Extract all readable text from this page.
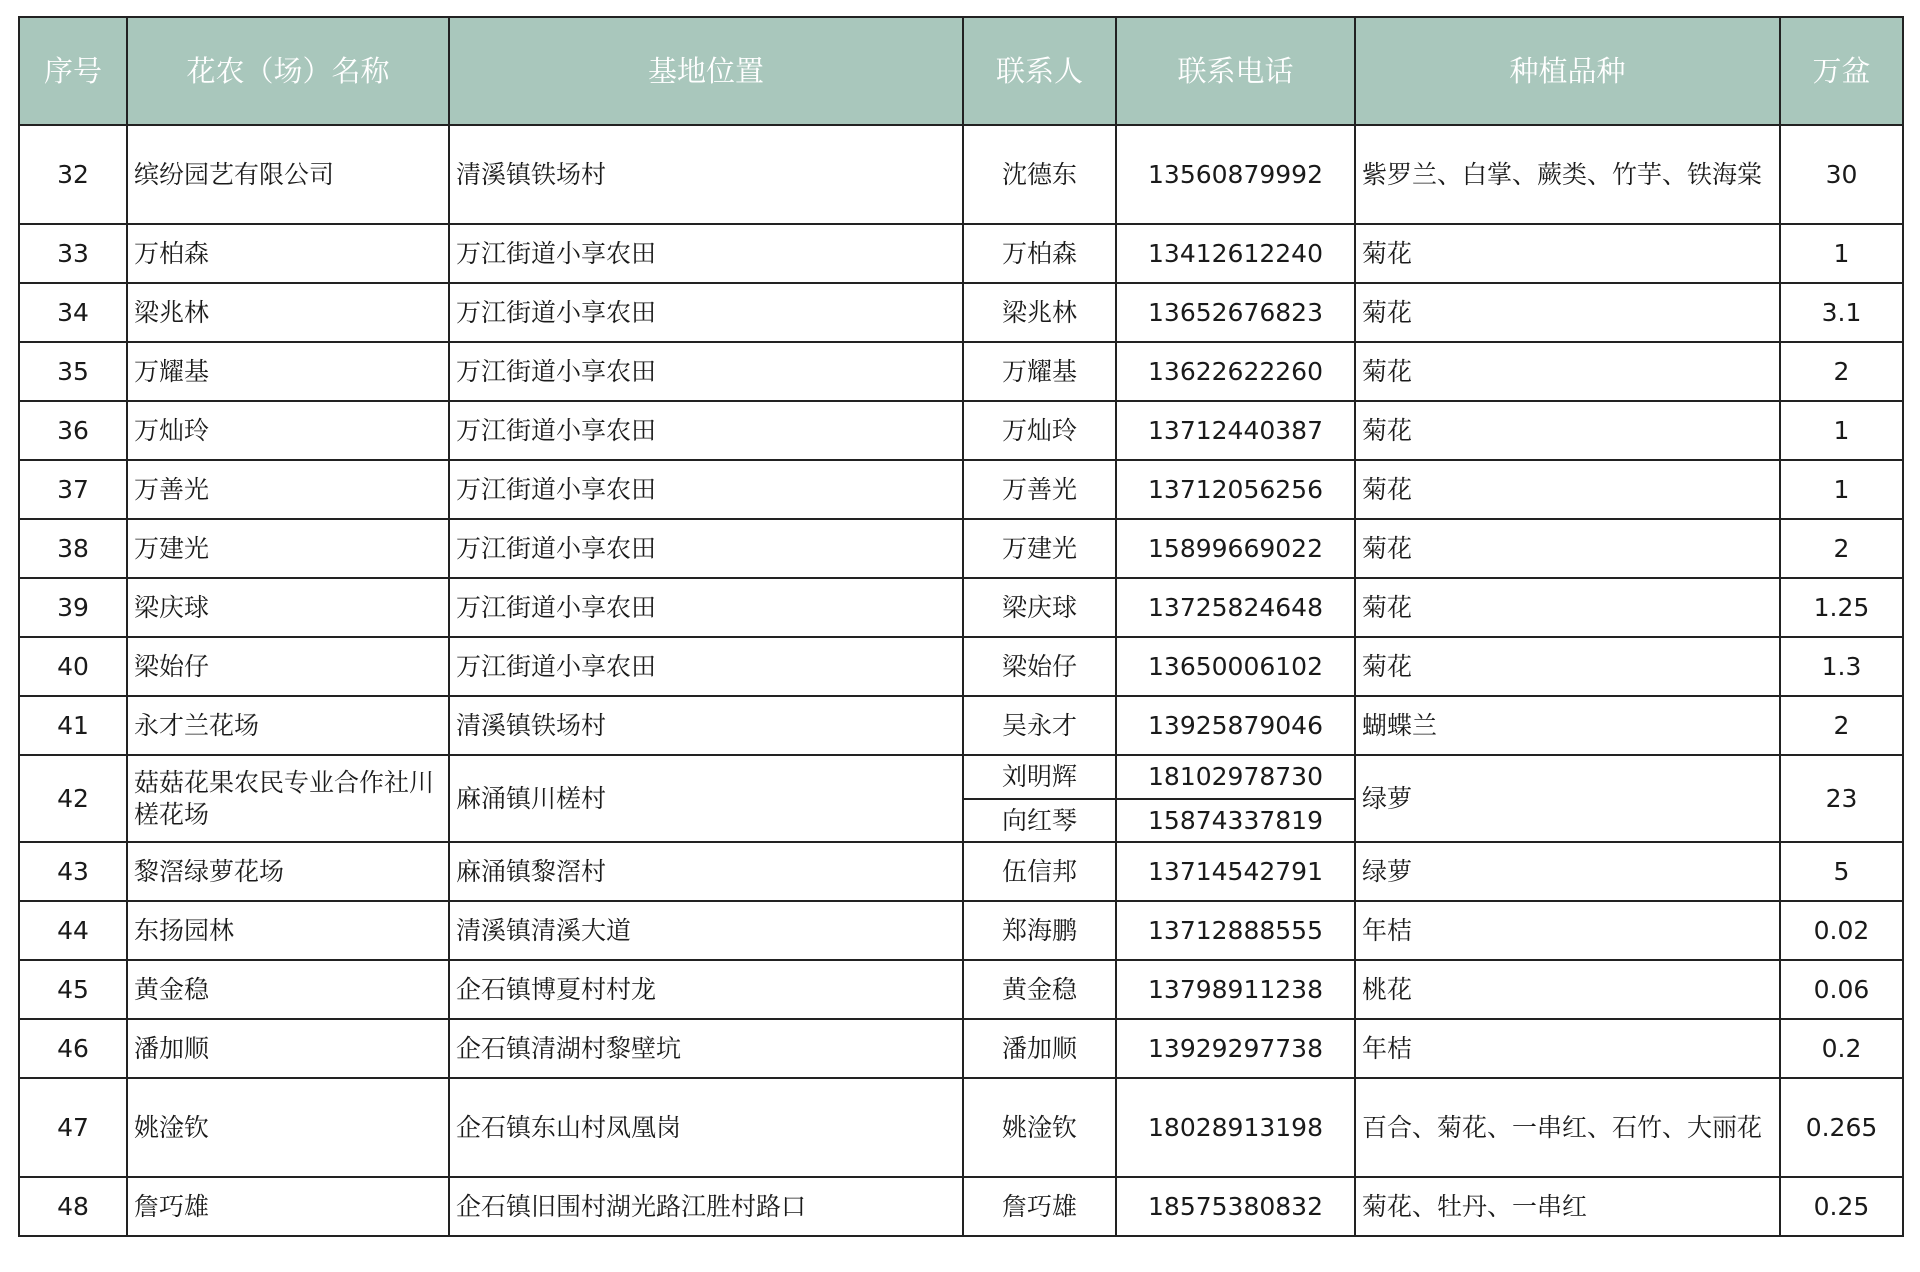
序号	花农（场）名称	基地位置	联系人	联系电话	种植品种	万盆
32	缤纷园艺有限公司	清溪镇铁场村	沈德东	13560879992	紫罗兰、白掌、蕨类、竹芋、铁海棠	30
33	万柏森	万江街道小享农田	万柏森	13412612240	菊花	1
34	梁兆林	万江街道小享农田	梁兆林	13652676823	菊花	3.1
35	万耀基	万江街道小享农田	万耀基	13622622260	菊花	2
36	万灿玲	万江街道小享农田	万灿玲	13712440387	菊花	1
37	万善光	万江街道小享农田	万善光	13712056256	菊花	1
38	万建光	万江街道小享农田	万建光	15899669022	菊花	2
39	梁庆球	万江街道小享农田	梁庆球	13725824648	菊花	1.25
40	梁始仔	万江街道小享农田	梁始仔	13650006102	菊花	1.3
41	永才兰花场	清溪镇铁场村	吴永才	13925879046	蝴蝶兰	2
42	菇菇花果农民专业合作社川槎花场	麻涌镇川槎村	刘明辉	18102978730	绿萝	23
			向红琴	15874337819		
43	黎滘绿萝花场	麻涌镇黎滘村	伍信邦	13714542791	绿萝	5
44	东扬园林	清溪镇清溪大道	郑海鹏	13712888555	年桔	0.02
45	黄金稳	企石镇博夏村村龙	黄金稳	13798911238	桃花	0.06
46	潘加顺	企石镇清湖村黎壁坑	潘加顺	13929297738	年桔	0.2
47	姚淦钦	企石镇东山村凤凰岗	姚淦钦	18028913198	百合、菊花、一串红、石竹、大丽花	0.265
48	詹巧雄	企石镇旧围村湖光路江胜村路口	詹巧雄	18575380832	菊花、牡丹、一串红	0.25
